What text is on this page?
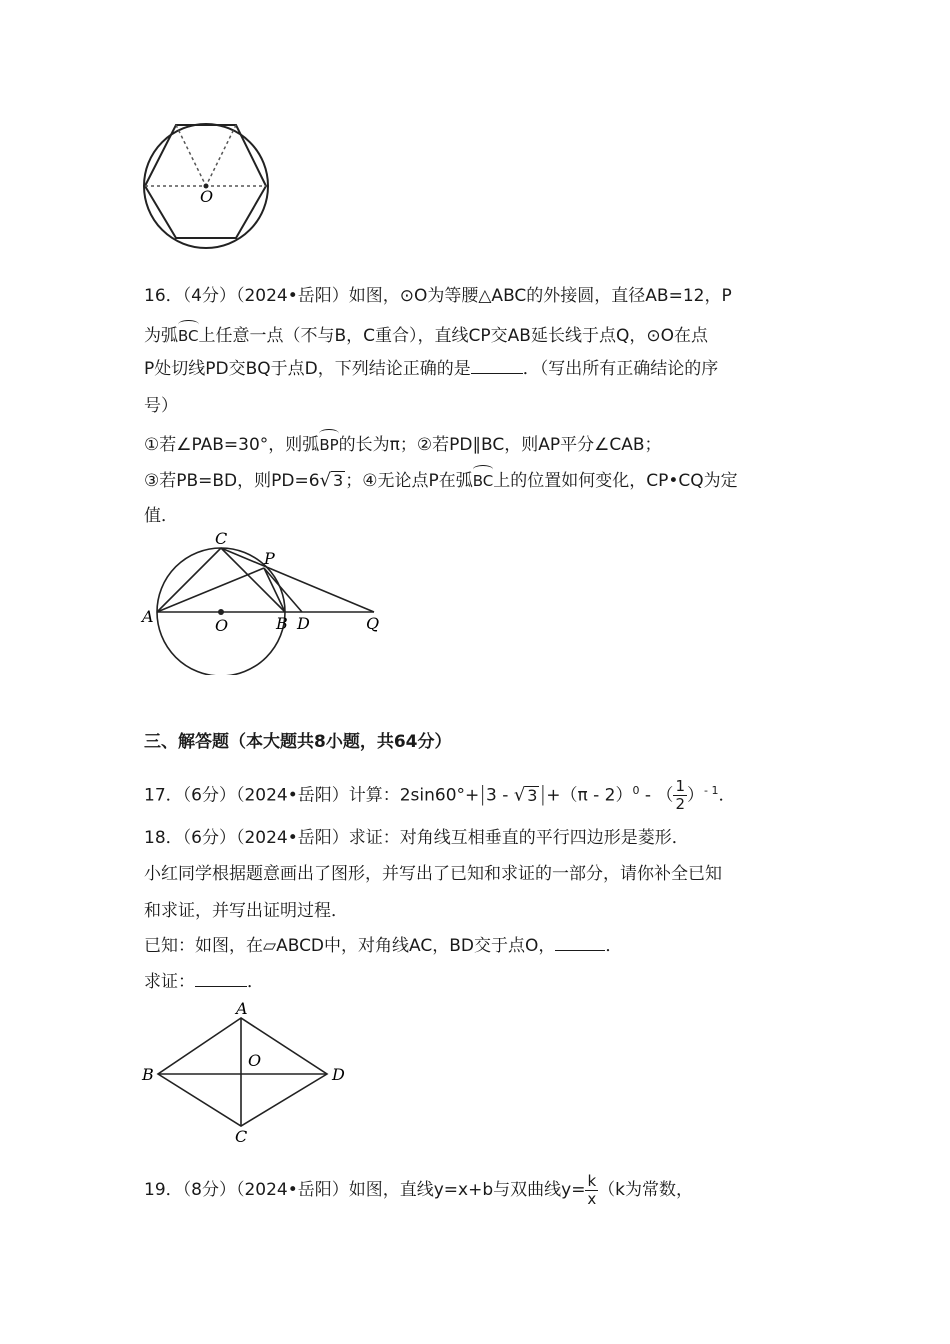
O
16．（4分）（2024•岳阳）如图，⊙O为等腰△ABC的外接圆，直径AB=12，P
为弧BC上任意一点（不与B，C重合），直线CP交AB延长线于点Q，⊙O在点
P处切线PD交BQ于点D，下列结论正确的是	．（写出所有正确结论的序
号）
①若∠PAB=30°，则弧BP的长为π；②若PD∥BC，则AP平分∠CAB；
③若PB=BD，则PD=6√ 3 ；④无论点P在弧BC上的位置如何变化，CP•CQ为定
值．
C
P
A	O	B D	Q
三、解答题（本大题共8小题，共64分）
17．（6分）（2024•岳阳）计算：2sin60°+|3 - √ 3 |+（π - 2）$^0$ - （ $\frac{1}{2} )^{- 1}$．
18．（6分）（2024•岳阳）求证：对角线互相垂直的平行四边形是菱形．
小红同学根据题意画出了图形，并写出了已知和求证的一部分，请你补全已知
和求证，并写出证明过程．
已知：如图，在▱ABCD中，对角线AC，BD交于点O，	．
求证：	．
A
B
O
D
C
19．（8分）（2024•岳阳）如图，直线y=x+b与双曲线$y= \frac{k}{x} (k$为常数，
